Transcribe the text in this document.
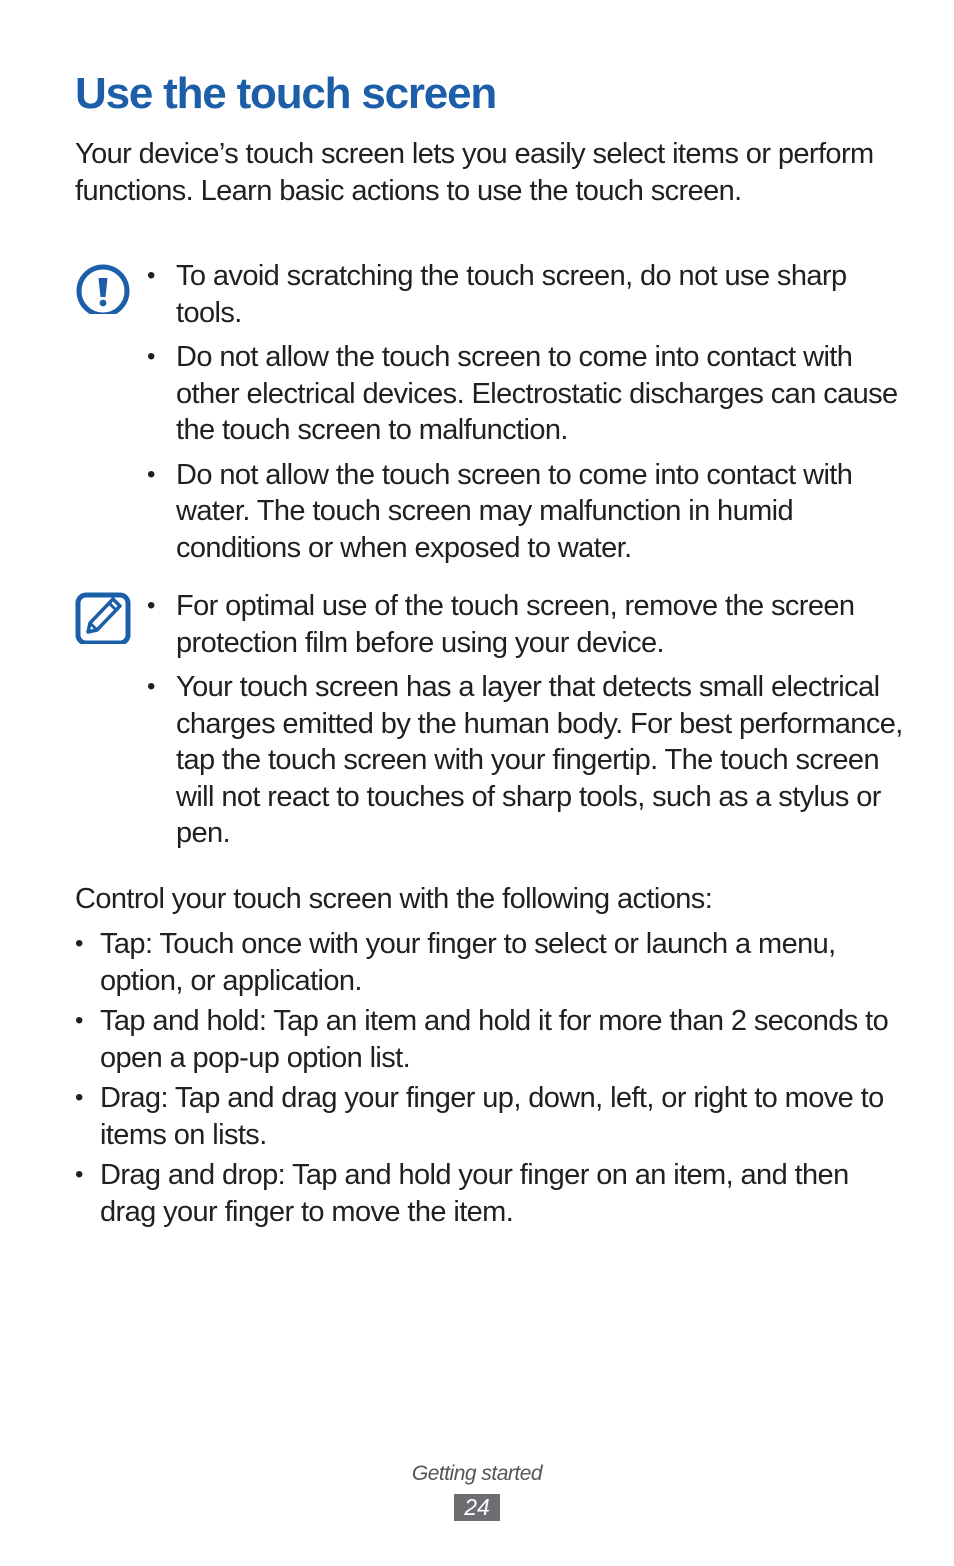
Use the touch screen

Your device’s touch screen lets you easily select items or perform functions. Learn basic actions to use the touch screen.

• To avoid scratching the touch screen, do not use sharp tools.
• Do not allow the touch screen to come into contact with other electrical devices. Electrostatic discharges can cause the touch screen to malfunction.
• Do not allow the touch screen to come into contact with water. The touch screen may malfunction in humid conditions or when exposed to water.
• For optimal use of the touch screen, remove the screen protection film before using your device.
• Your touch screen has a layer that detects small electrical charges emitted by the human body. For best performance, tap the touch screen with your fingertip. The touch screen will not react to touches of sharp tools, such as a stylus or pen.

Control your touch screen with the following actions:

• Tap: Touch once with your finger to select or launch a menu, option, or application.
• Tap and hold: Tap an item and hold it for more than 2 seconds to open a pop-up option list.
• Drag: Tap and drag your finger up, down, left, or right to move to items on lists.
• Drag and drop: Tap and hold your finger on an item, and then drag your finger to move the item.
Getting started
24
